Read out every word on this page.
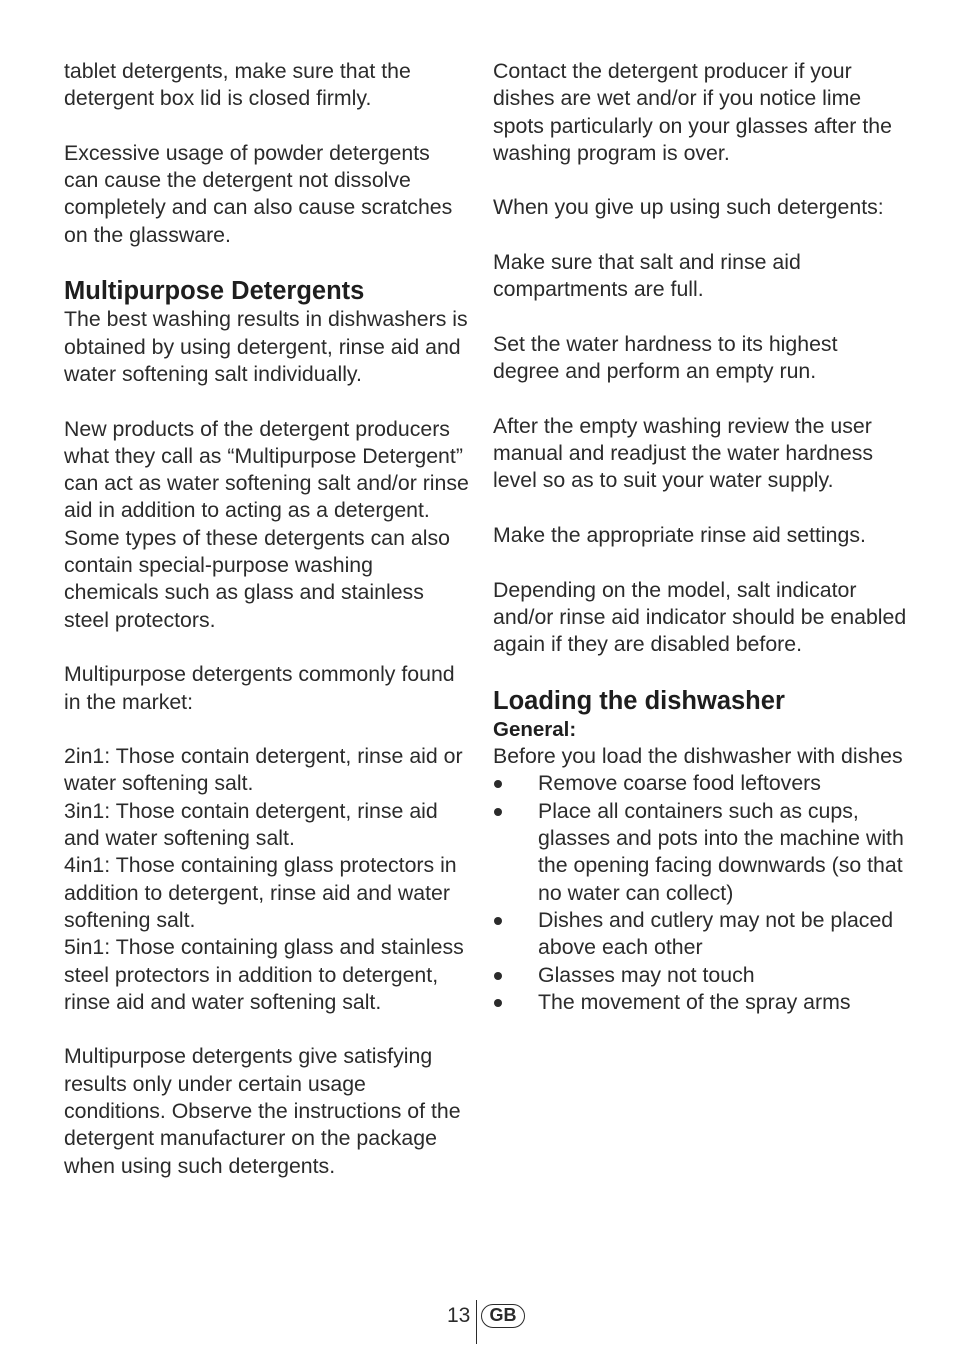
tablet detergents, make sure that the detergent box lid is closed firmly.

Excessive usage of powder detergents can cause the detergent not dissolve completely and can also cause scratches on the glassware.

Multipurpose Detergents

The best washing results in dishwashers is obtained by using detergent, rinse aid and water softening salt individually.

New products of the detergent producers what they call as “Multipurpose Detergent” can act as water softening salt and/or rinse aid in addition to acting as a detergent. Some types of these detergents can also contain special-purpose washing chemicals such as glass and stainless steel protectors.

Multipurpose detergents commonly found in the market:

2in1: Those contain detergent, rinse aid or water softening salt.

3in1: Those contain detergent, rinse aid and water softening salt.

4in1: Those containing glass protectors in addition to detergent, rinse aid and water softening salt.

5in1: Those containing glass and stainless steel protectors in addition to detergent, rinse aid and water softening salt.

Multipurpose detergents give satisfying results only under certain usage conditions. Observe the instructions of the detergent manufacturer on the package when using such detergents.

Contact the detergent producer if your dishes are wet and/or if you notice lime spots particularly on your glasses after the washing program is over.

When you give up using such detergents:

Make sure that salt and rinse aid compartments are full.

Set the water hardness to its highest degree and perform an empty run.

After the empty washing review the user manual and readjust the water hardness level so as to suit your water supply.

Make the appropriate rinse aid settings.

Depending on the model, salt indicator and/or rinse aid indicator should be enabled again if they are disabled before.

Loading the dishwasher
General:

Before you load the dishwasher with dishes

Remove coarse food leftovers
Place all containers such as cups, glasses and pots into the machine with the opening facing downwards (so that no water can collect)
Dishes and cutlery may not be placed above each other
Glasses may not touch
The movement of the spray arms
13	GB
